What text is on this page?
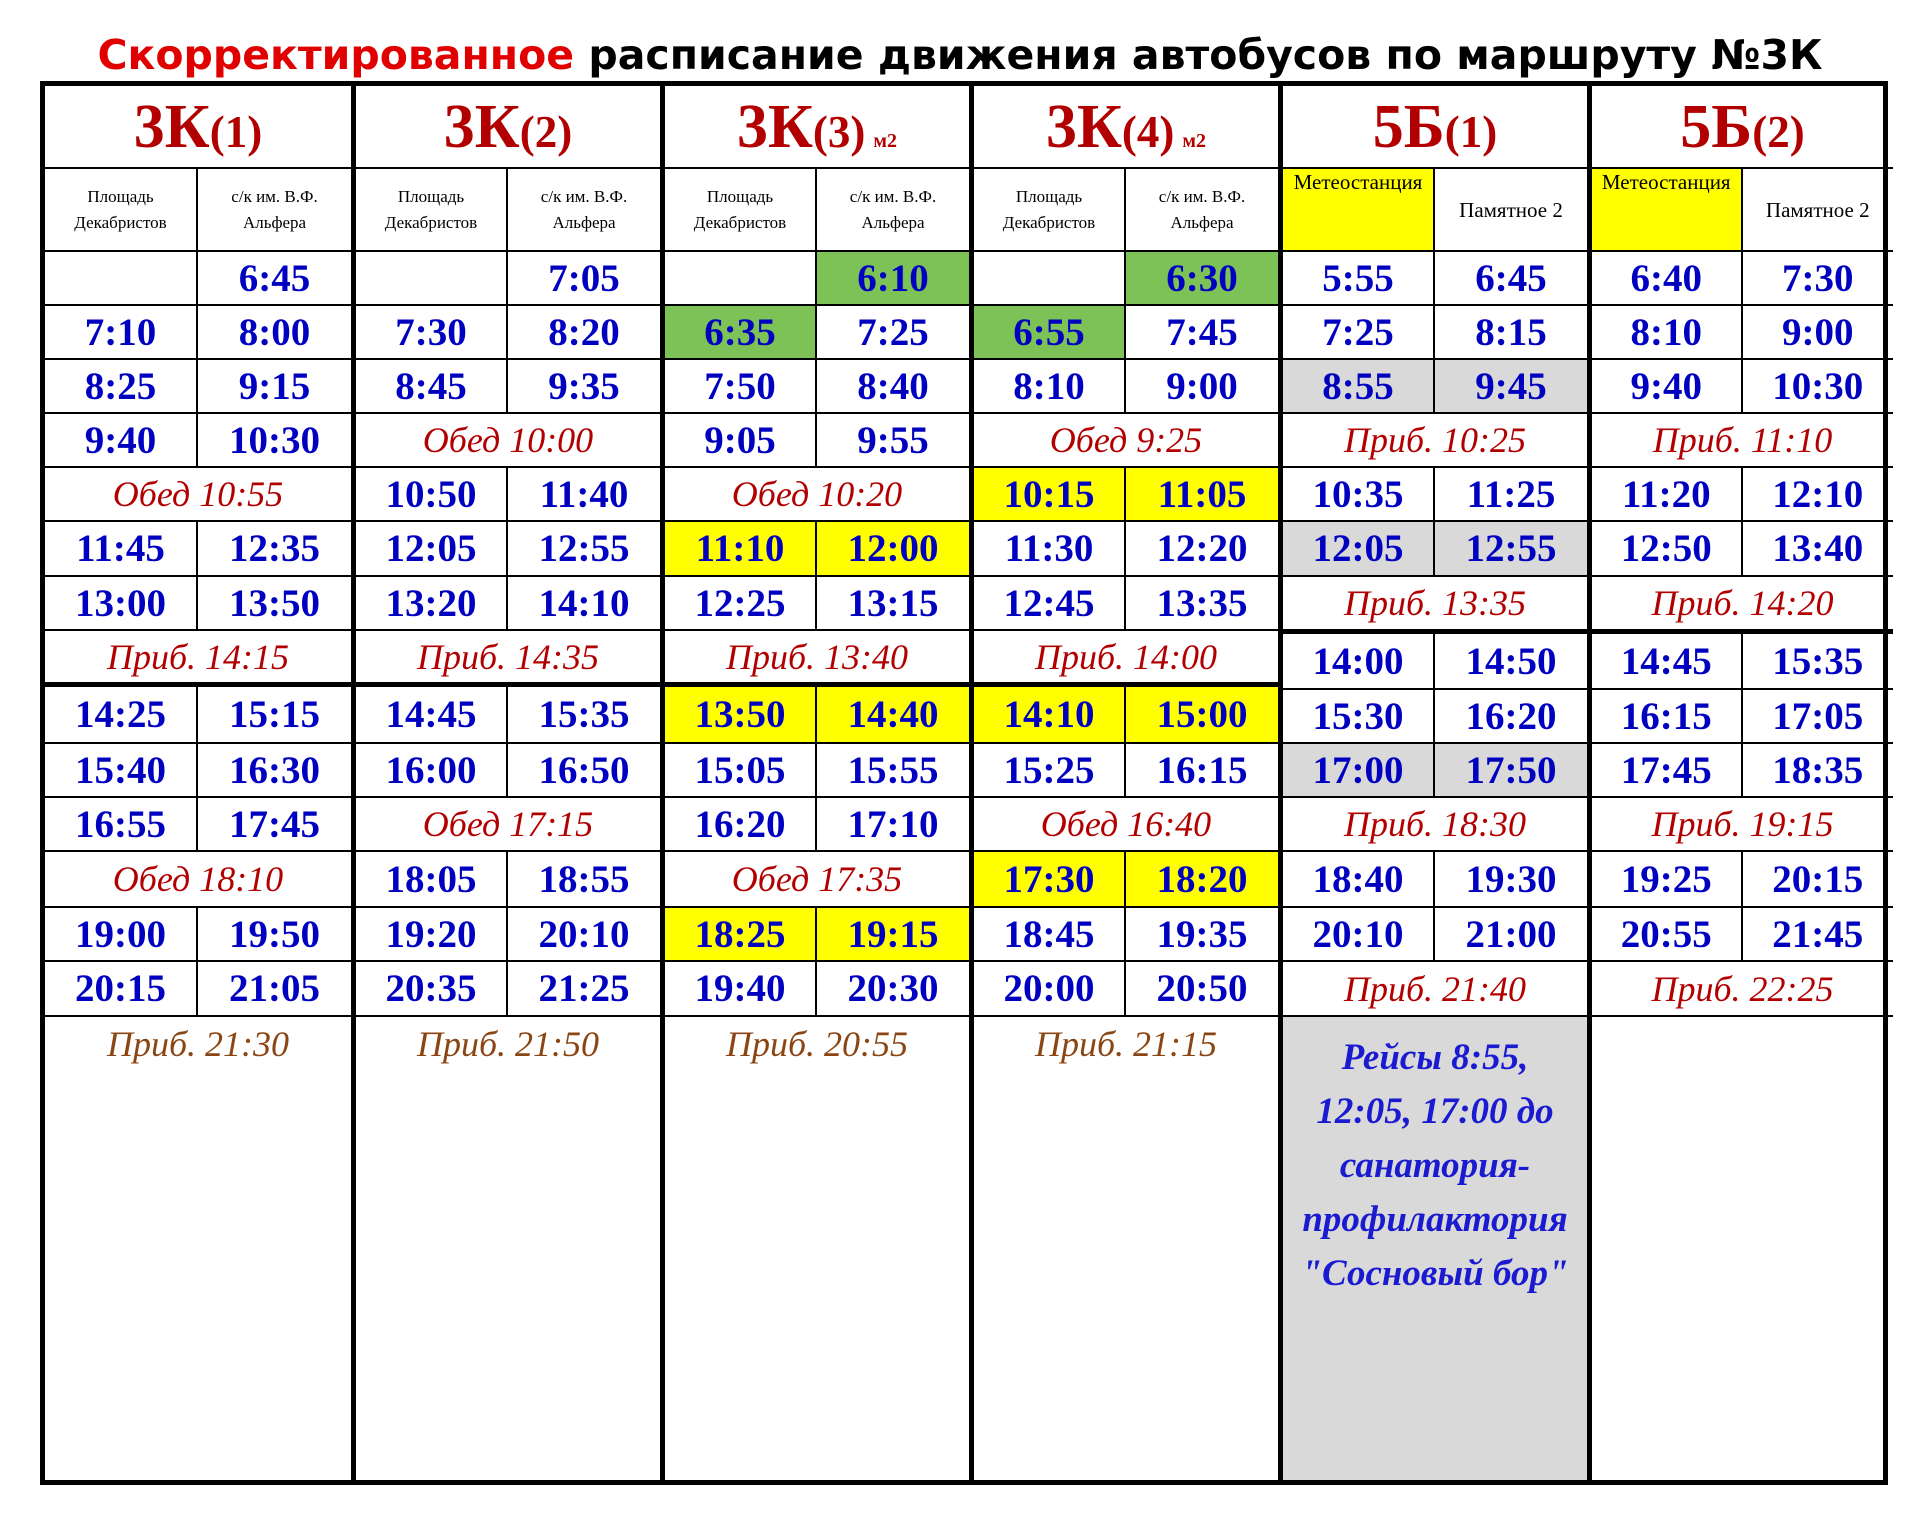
Скорректированное расписание движения автобусов по маршруту №3К
3К(1)
Площадь Декабристов
с/к им. В.Ф. Альфера
6:45
7:10 8:00
8:25 9:15
9:40 10:30
Обед 10:55
11:45 12:35
13:00 13:50
Приб. 14:15
14:25 15:15
15:40 16:30
16:55 17:45
Обед 18:10
19:00 19:50
20:15 21:05
Приб. 21:30
3К(2)
Площадь Декабристов
с/к им. В.Ф. Альфера
7:05
7:30 8:20
8:45 9:35
Обед 10:00
10:50 11:40
12:05 12:55
13:20 14:10
Приб. 14:35
14:45 15:35
16:00 16:50
Обед 17:15
18:05 18:55
19:20 20:10
20:35 21:25
Приб. 21:50
3К(3) м2
Площадь Декабристов
с/к им. В.Ф. Альфера
6:10
6:35 7:25
7:50 8:40
9:05 9:55
Обед 10:20
11:10 12:00
12:25 13:15
Приб. 13:40
13:50 14:40
15:05 15:55
16:20 17:10
Обед 17:35
18:25 19:15
19:40 20:30
Приб. 20:55
3К(4) м2
Площадь Декабристов
с/к им. В.Ф. Альфера
6:30
6:55 7:45
8:10 9:00
Обед 9:25
10:15 11:05
11:30 12:20
12:45 13:35
Приб. 14:00
14:10 15:00
15:25 16:15
Обед 16:40
17:30 18:20
18:45 19:35
20:00 20:50
Приб. 21:15
5Б(1)
Метеостанция
Памятное 2
5:55 6:45
7:25 8:15
8:55 9:45
Приб. 10:25
10:35 11:25
12:05 12:55
Приб. 13:35
14:00 14:50
15:30 16:20
17:00 17:50
Приб. 18:30
18:40 19:30
20:10 21:00
Приб. 21:40
Рейсы 8:55, 12:05, 17:00 до санатория-профилактория "Сосновый бор"
5Б(2)
Метеостанция
Памятное 2
6:40 7:30
8:10 9:00
9:40 10:30
Приб. 11:10
11:20 12:10
12:50 13:40
Приб. 14:20
14:45 15:35
16:15 17:05
17:45 18:35
Приб. 19:15
19:25 20:15
20:55 21:45
Приб. 22:25
